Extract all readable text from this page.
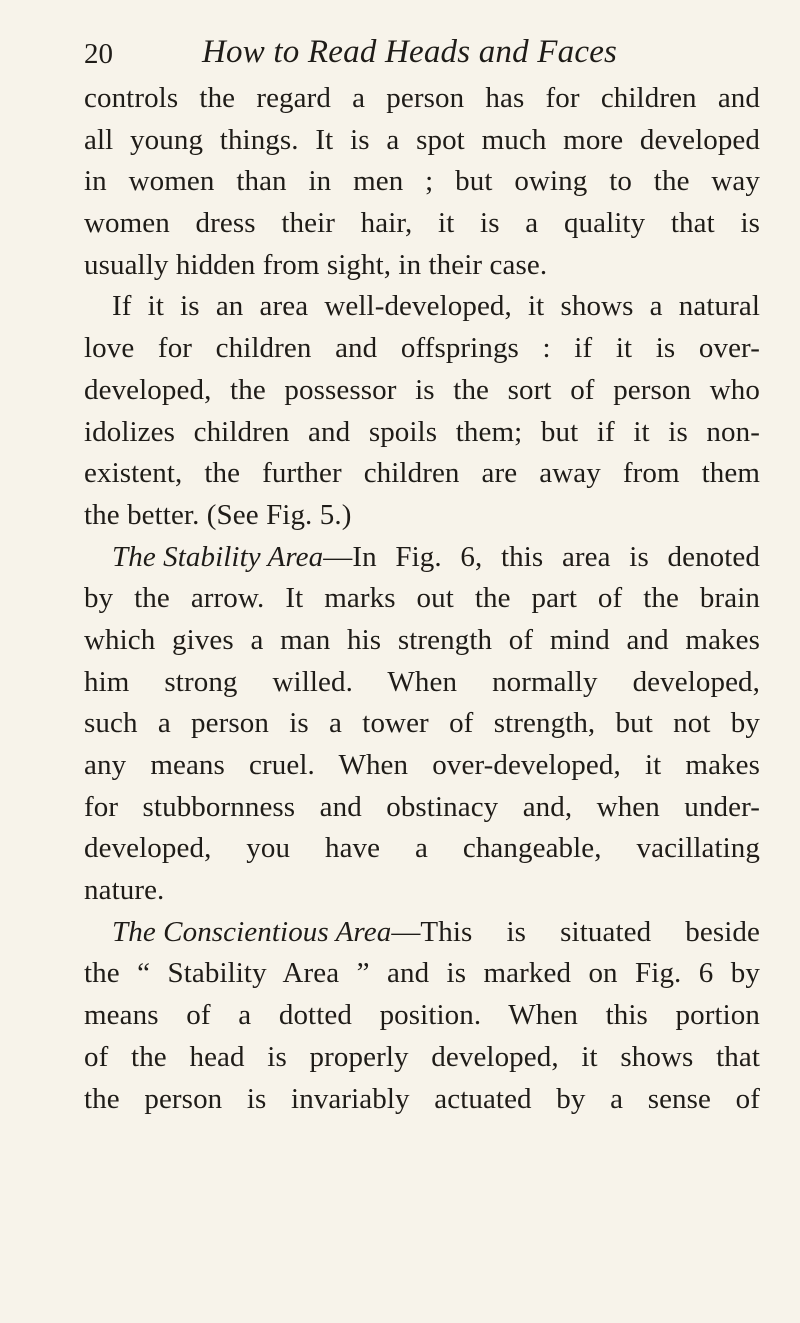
20	How to Read Heads and Faces
controls the regard a person has for children and
all young things. It is a spot much more developed
in women than in men ; but owing to the way
women dress their hair, it is a quality that is
usually hidden from sight, in their case.
If it is an area well-developed, it shows a natural
love for children and offsprings : if it is over-
developed, the possessor is the sort of person who
idolizes children and spoils them; but if it is non-
existent, the further children are away from them
the better. (See Fig. 5.)
The Stability Area —In Fig. 6, this area is denoted
by the arrow. It marks out the part of the brain
which gives a man his strength of mind and makes
him strong willed. When normally developed,
such a person is a tower of strength, but not by
any means cruel. When over-developed, it makes
for stubbornness and obstinacy and, when under-
developed, you have a changeable, vacillating
nature.
The Conscientious Area —This is situated beside
the “ Stability Area ” and is marked on Fig. 6 by
means of a dotted position. When this portion
of the head is properly developed, it shows that
the person is invariably actuated by a sense of
